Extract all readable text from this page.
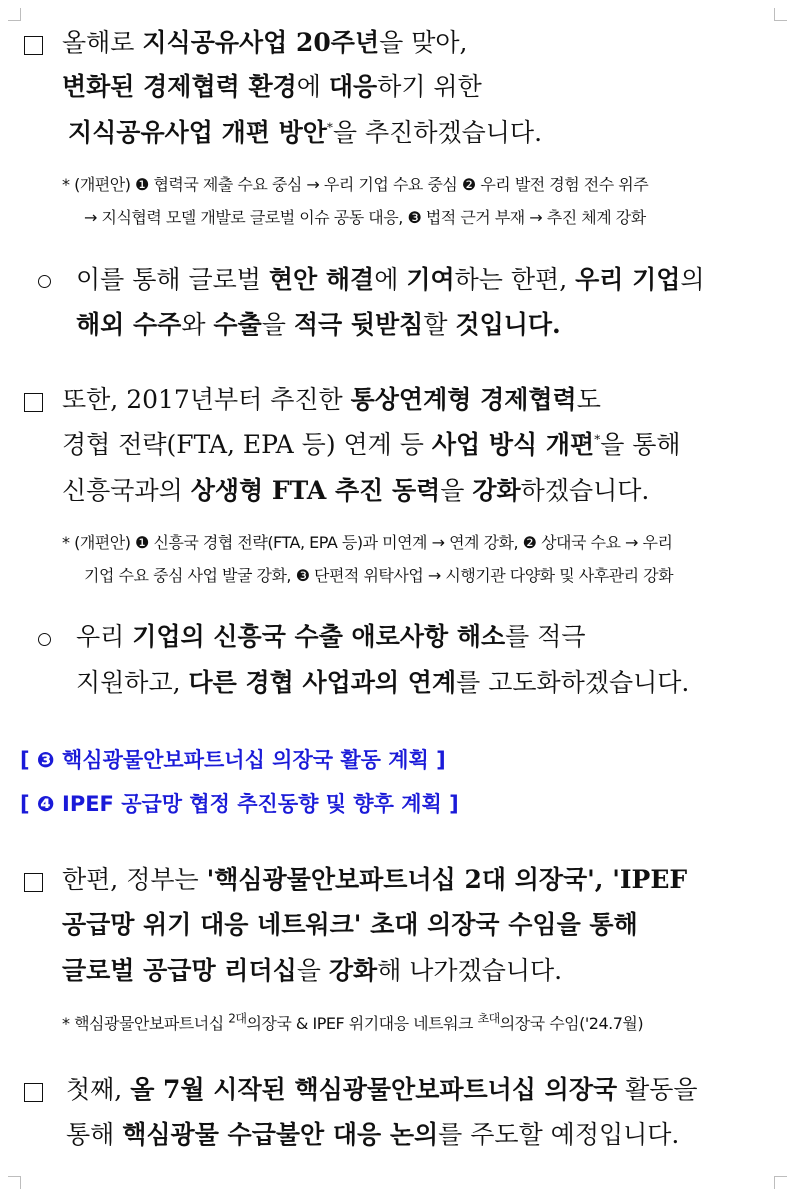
올해로 지식공유사업 20주년을 맞아,
변화된 경제협력 환경에 대응하기 위한
지식공유사업 개편 방안*을 추진하겠습니다.
* (개편안) ❶ 협력국 제출 수요 중심 → 우리 기업 수요 중심 ❷ 우리 발전 경험 전수 위주
→ 지식협력 모델 개발로 글로벌 이슈 공동 대응, ❸ 법적 근거 부재 → 추진 체계 강화
이를 통해 글로벌 현안 해결에 기여하는 한편, 우리 기업의
해외 수주와 수출을 적극 뒷받침할 것입니다.
또한, 2017년부터 추진한 통상연계형 경제협력도
경협 전략(FTA, EPA 등) 연계 등 사업 방식 개편*을 통해
신흥국과의 상생형 FTA 추진 동력을 강화하겠습니다.
* (개편안) ❶ 신흥국 경협 전략(FTA, EPA 등)과 미연계 → 연계 강화, ❷ 상대국 수요 → 우리
기업 수요 중심 사업 발굴 강화, ❸ 단편적 위탁사업 → 시행기관 다양화 및 사후관리 강화
우리 기업의 신흥국 수출 애로사항 해소를 적극
지원하고, 다른 경협 사업과의 연계를 고도화하겠습니다.
[ ❸ 핵심광물안보파트너십 의장국 활동 계획 ]
[ ❹ IPEF 공급망 협정 추진동향 및 향후 계획 ]
한편, 정부는 '핵심광물안보파트너십 2대 의장국', 'IPEF
공급망 위기 대응 네트워크' 초대 의장국 수임을 통해
글로벌 공급망 리더십을 강화해 나가겠습니다.
* 핵심광물안보파트너십 $^{2대}$의장국 & IPEF 위기대응 네트워크 $^{초대}$의장국 수임('24.7월)
첫째, 올 7월 시작된 핵심광물안보파트너십 의장국 활동을
통해 핵심광물 수급불안 대응 논의를 주도할 예정입니다.
